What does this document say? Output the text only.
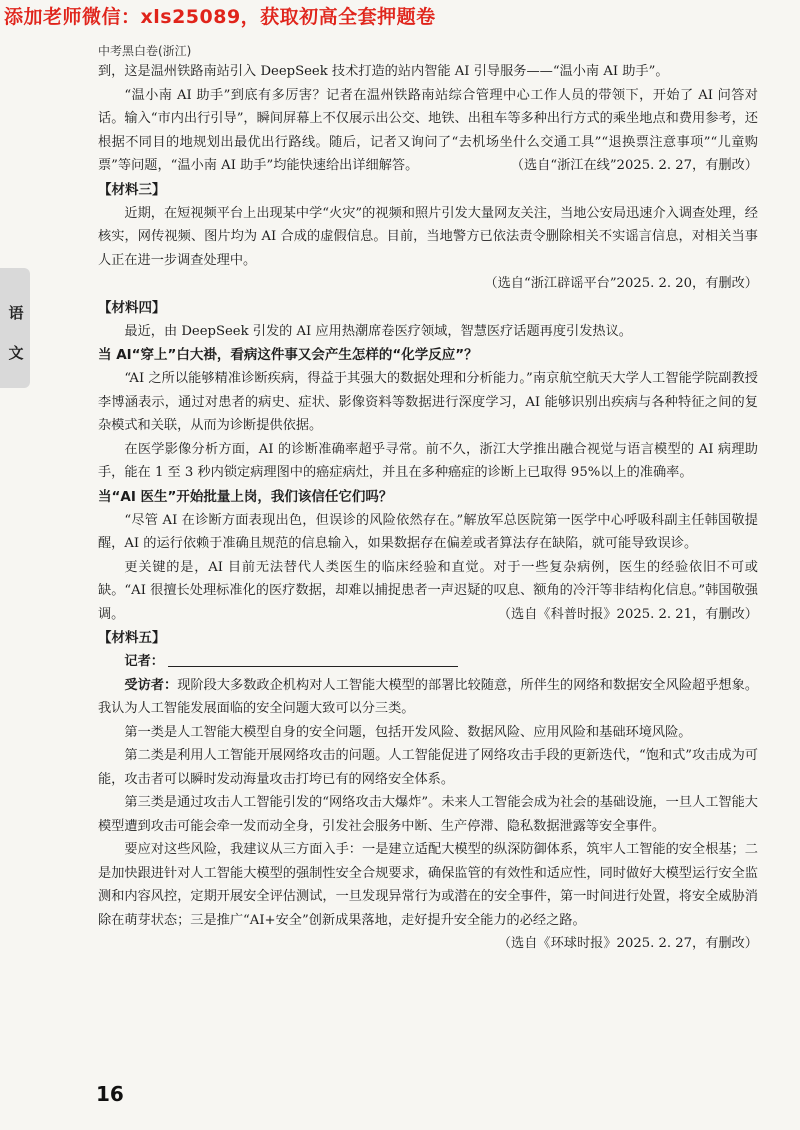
添加老师微信：xls25089，获取初高全套押题卷
中考黑白卷(浙江)
语
文

到，这是温州铁路南站引入 DeepSeek 技术打造的站内智能 AI 引导服务——“温小南 AI 助手”。

“温小南 AI 助手”到底有多厉害？记者在温州铁路南站综合管理中心工作人员的带领下，开始了 AI 问答对话。输入“市内出行引导”，瞬间屏幕上不仅展示出公交、地铁、出租车等多种出行方式的乘坐地点和费用参考，还根据不同目的地规划出最优出行路线。随后，记者又询问了“去机场坐什么交通工具”“退换票注意事项”“儿童购票”等问题，“温小南 AI 助手”均能快速给出详细解答。	（选自“浙江在线”2025. 2. 27，有删改）

【材料三】

近期，在短视频平台上出现某中学“火灾”的视频和照片引发大量网友关注，当地公安局迅速介入调查处理，经核实，网传视频、图片均为 AI 合成的虚假信息。目前，当地警方已依法责令删除相关不实谣言信息，对相关当事人正在进一步调查处理中。

（选自“浙江辟谣平台”2025. 2. 20，有删改）

【材料四】

最近，由 DeepSeek 引发的 AI 应用热潮席卷医疗领域，智慧医疗话题再度引发热议。

当 AI“穿上”白大褂，看病这件事又会产生怎样的“化学反应”？

“AI 之所以能够精准诊断疾病，得益于其强大的数据处理和分析能力。”南京航空航天大学人工智能学院副教授李博涵表示，通过对患者的病史、症状、影像资料等数据进行深度学习，AI 能够识别出疾病与各种特征之间的复杂模式和关联，从而为诊断提供依据。

在医学影像分析方面，AI 的诊断准确率超乎寻常。前不久，浙江大学推出融合视觉与语言模型的 AI 病理助手，能在 1 至 3 秒内锁定病理图中的癌症病灶，并且在多种癌症的诊断上已取得 95%以上的准确率。

当“AI 医生”开始批量上岗，我们该信任它们吗？

“尽管 AI 在诊断方面表现出色，但误诊的风险依然存在。”解放军总医院第一医学中心呼吸科副主任韩国敬提醒，AI 的运行依赖于准确且规范的信息输入，如果数据存在偏差或者算法存在缺陷，就可能导致误诊。

更关键的是，AI 目前无法替代人类医生的临床经验和直觉。对于一些复杂病例，医生的经验依旧不可或缺。“AI 很擅长处理标准化的医疗数据，却难以捕捉患者一声迟疑的叹息、额角的冷汗等非结构化信息。”韩国敬强调。	（选自《科普时报》2025. 2. 21，有删改）

【材料五】

记者：

受访者：现阶段大多数政企机构对人工智能大模型的部署比较随意，所伴生的网络和数据安全风险超乎想象。我认为人工智能发展面临的安全问题大致可以分三类。

第一类是人工智能大模型自身的安全问题，包括开发风险、数据风险、应用风险和基础环境风险。

第二类是利用人工智能开展网络攻击的问题。人工智能促进了网络攻击手段的更新迭代，“饱和式”攻击成为可能，攻击者可以瞬时发动海量攻击打垮已有的网络安全体系。

第三类是通过攻击人工智能引发的“网络攻击大爆炸”。未来人工智能会成为社会的基础设施，一旦人工智能大模型遭到攻击可能会牵一发而动全身，引发社会服务中断、生产停滞、隐私数据泄露等安全事件。

要应对这些风险，我建议从三方面入手：一是建立适配大模型的纵深防御体系，筑牢人工智能的安全根基；二是加快跟进针对人工智能大模型的强制性安全合规要求，确保监管的有效性和适应性，同时做好大模型运行安全监测和内容风控，定期开展安全评估测试，一旦发现异常行为或潜在的安全事件，第一时间进行处置，将安全威胁消除在萌芽状态；三是推广“AI+安全”创新成果落地，走好提升安全能力的必经之路。
（选自《环球时报》2025. 2. 27，有删改）

16
